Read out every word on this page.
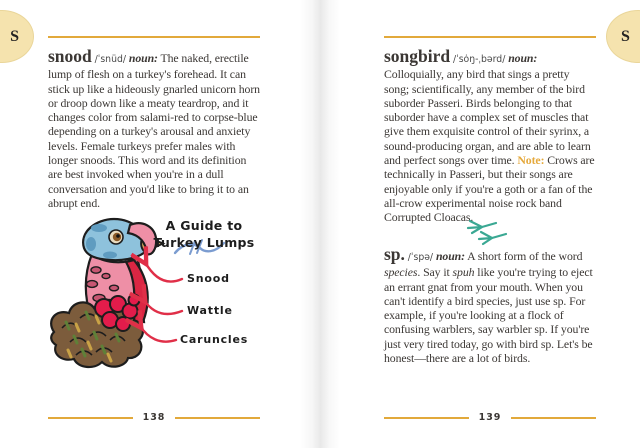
S	S

snood /ˈsnüd/ noun: The naked, erectile lump of flesh on a turkey's forehead. It can stick up like a hideously gnarled unicorn horn or droop down like a meaty teardrop, and it changes color from salami-red to corpse-blue depending on a turkey's arousal and anxiety levels. Female turkeys prefer males with longer snoods. This word and its definition are best invoked when you're in a dull conversation and you'd like to bring it to an abrupt end.

A Guide to
Turkey Lumps
Snood
Wattle
Caruncles
138

songbird /ˈsȯŋ-ˌbərd/ noun: Colloquially, any bird that sings a pretty song; scientifically, any member of the bird suborder Passeri. Birds belonging to that suborder have a complex set of muscles that give them exquisite control of their syrinx, a sound-producing organ, and are able to learn and perfect songs over time. Note: Crows are technically in Passeri, but their songs are enjoyable only if you're a goth or a fan of the all-crow experimental noise rock band Corrupted Cloacas.

sp. /ˈspə/ noun: A short form of the word species. Say it spuh like you're trying to eject an errant gnat from your mouth. When you can't identify a bird species, just use sp. For example, if you're looking at a flock of confusing warblers, say warbler sp. If you're just very tired today, go with bird sp. Let's be honest—there are a lot of birds.

139
